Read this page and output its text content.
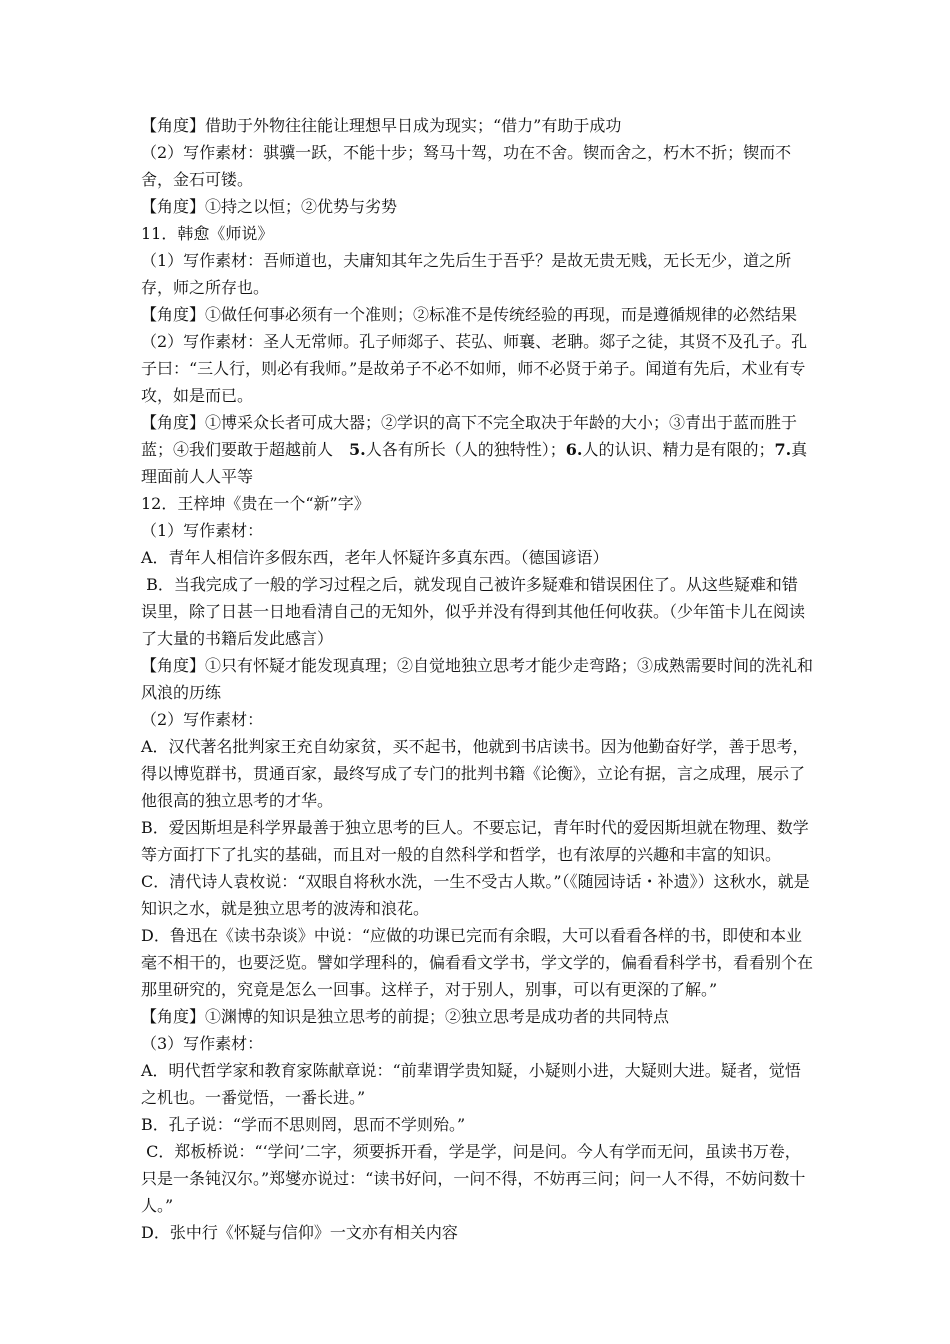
【角度】借助于外物往往能让理想早日成为现实；“借力”有助于成功
（2）写作素材：骐骥一跃，不能十步；驽马十驾，功在不舍。锲而舍之，朽木不折；锲而不舍，金石可镂。
【角度】①持之以恒；②优势与劣势
11．韩愈《师说》
（1）写作素材：吾师道也，夫庸知其年之先后生于吾乎？是故无贵无贱，无长无少，道之所存，师之所存也。
【角度】①做任何事必须有一个准则；②标准不是传统经验的再现，而是遵循规律的必然结果
（2）写作素材：圣人无常师。孔子师郯子、苌弘、师襄、老聃。郯子之徒，其贤不及孔子。孔子曰：“三人行，则必有我师。”是故弟子不必不如师，师不必贤于弟子。闻道有先后，术业有专攻，如是而已。
【角度】①博采众长者可成大器；②学识的高下不完全取决于年龄的大小；③青出于蓝而胜于蓝；④我们要敢于超越前人　5.人各有所长（人的独特性）；6.人的认识、精力是有限的；7.真理面前人人平等
12．王梓坤《贵在一个“新”字》
（1）写作素材：
A．青年人相信许多假东西，老年人怀疑许多真东西。（德国谚语）
B．当我完成了一般的学习过程之后，就发现自己被许多疑难和错误困住了。从这些疑难和错误里，除了日甚一日地看清自己的无知外，似乎并没有得到其他任何收获。（少年笛卡儿在阅读了大量的书籍后发此感言）
【角度】①只有怀疑才能发现真理；②自觉地独立思考才能少走弯路；③成熟需要时间的洗礼和风浪的历练
（2）写作素材：
A．汉代著名批判家王充自幼家贫，买不起书，他就到书店读书。因为他勤奋好学，善于思考，得以博览群书，贯通百家，最终写成了专门的批判书籍《论衡》，立论有据，言之成理，展示了他很高的独立思考的才华。
B．爱因斯坦是科学界最善于独立思考的巨人。不要忘记，青年时代的爱因斯坦就在物理、数学等方面打下了扎实的基础，而且对一般的自然科学和哲学，也有浓厚的兴趣和丰富的知识。
C．清代诗人袁枚说：“双眼自将秋水洗，一生不受古人欺。”（《随园诗话・补遗》）这秋水，就是知识之水，就是独立思考的波涛和浪花。
D．鲁迅在《读书杂谈》中说：“应做的功课已完而有余暇，大可以看看各样的书，即使和本业毫不相干的，也要泛览。譬如学理科的，偏看看文学书，学文学的，偏看看科学书，看看别个在那里研究的，究竟是怎么一回事。这样子，对于别人，别事，可以有更深的了解。”
【角度】①渊博的知识是独立思考的前提；②独立思考是成功者的共同特点
（3）写作素材：
A．明代哲学家和教育家陈献章说：“前辈谓学贵知疑，小疑则小进，大疑则大进。疑者，觉悟之机也。一番觉悟，一番长进。”
B．孔子说：“学而不思则罔，思而不学则殆。”
C．郑板桥说：“‘学问’二字，须要拆开看，学是学，问是问。今人有学而无问，虽读书万卷，只是一条钝汉尔。”郑燮亦说过：“读书好问，一问不得，不妨再三问；问一人不得，不妨问数十人。”
D．张中行《怀疑与信仰》一文亦有相关内容
